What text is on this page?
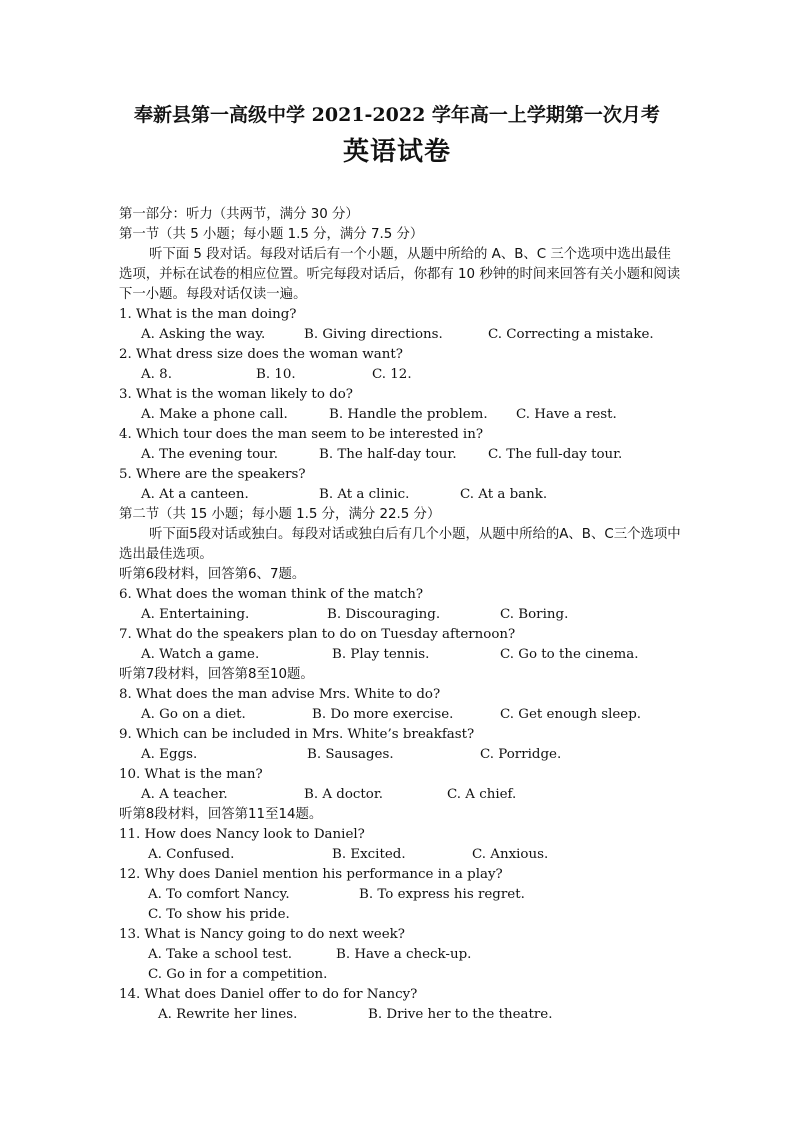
奉新县第一高级中学 2021-2022 学年高一上学期第一次月考
英语试卷
第一部分：听力（共两节，满分 30 分）
第一节（共 5 小题；每小题 1.5 分，满分 7.5 分）
听下面 5 段对话。每段对话后有一个小题，从题中所给的 A、B、C 三个选项中选出最佳选项，并标在试卷的相应位置。听完每段对话后，你都有 10 秒钟的时间来回答有关小题和阅读下一小题。每段对话仅读一遍。
1. What is the man doing?
A. Asking the way.	B. Giving directions.	C. Correcting a mistake.
2. What dress size does the woman want?
A. 8.	B. 10.	C. 12.
3. What is the woman likely to do?
A. Make a phone call.	B. Handle the problem. C. Have a rest.
4. Which tour does the man seem to be interested in?
A. The evening tour.	B. The half-day tour. C. The full-day tour.
5. Where are the speakers?
A. At a canteen.	B. At a clinic.	C. At a bank.
第二节（共 15 小题；每小题 1.5 分，满分 22.5 分）
听下面5段对话或独白。每段对话或独白后有几个小题，从题中所给的A、B、C三个选项中选出最佳选项。
听第6段材料，回答第6、7题。
6. What does the woman think of the match?
A. Entertaining.	B. Discouraging.	C. Boring.
7. What do the speakers plan to do on Tuesday afternoon?
A. Watch a game.	B. Play tennis.	C. Go to the cinema.
听第7段材料，回答第8至10题。
8. What does the man advise Mrs. White to do?
A. Go on a diet.	B. Do more exercise.	C. Get enough sleep.
9. Which can be included in Mrs. White’s breakfast?
A. Eggs.	B. Sausages.	C. Porridge.
10. What is the man?
A. A teacher.	B. A doctor.	C. A chief.
听第8段材料，回答第11至14题。
11. How does Nancy look to Daniel?
A. Confused.	B. Excited.	C. Anxious.
12. Why does Daniel mention his performance in a play?
A. To comfort Nancy.	B. To express his regret.
C. To show his pride.
13. What is Nancy going to do next week?
A. Take a school test.	B. Have a check-up.
C. Go in for a competition.
14. What does Daniel offer to do for Nancy?
A. Rewrite her lines.	B. Drive her to the theatre.
